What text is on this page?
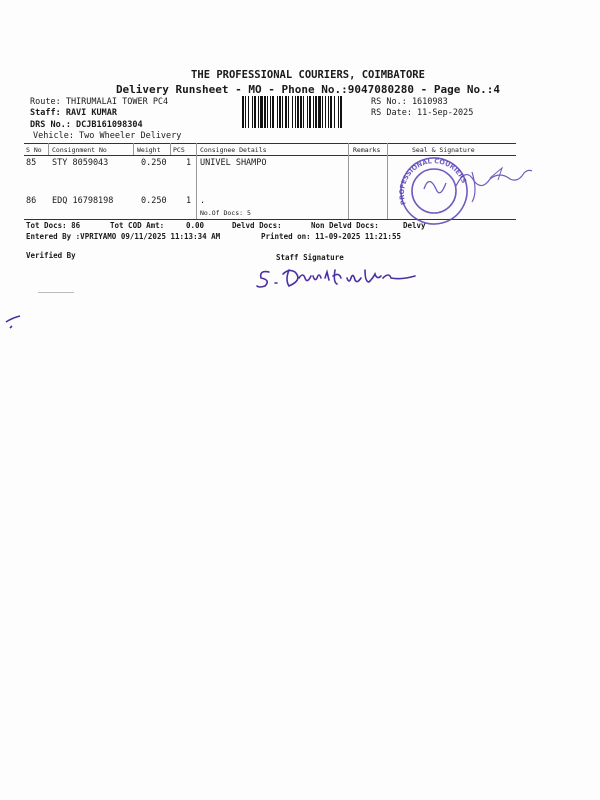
THE PROFESSIONAL COURIERS, COIMBATORE
Delivery Runsheet - MO - Phone No.:9047080280 - Page No.:4
Route: THIRUMALAI TOWER PC4
Staff: RAVI KUMAR
DRS No.: DCJB161098304
Vehicle: Two Wheeler Delivery
RS No.: 1610983
RS Date: 11-Sep-2025
S No Consignment No	Weight PCS Consignee Details	Remarks	Seal & Signature
85 STY 8059043	0.250 1 UNIVEL SHAMPO
86 EDQ 16798198	0.250 1 .
No.Of Docs: 5
PROFESSIONAL COURIERS
Tot Docs: 86	Tot COD Amt:	0.00	Delvd Docs:	Non Delvd Docs:	Delvy
Entered By :VPRIYAMO 09/11/2025 11:13:34 AM	Printed on: 11-09-2025 11:21:55
Verified By	Staff Signature
